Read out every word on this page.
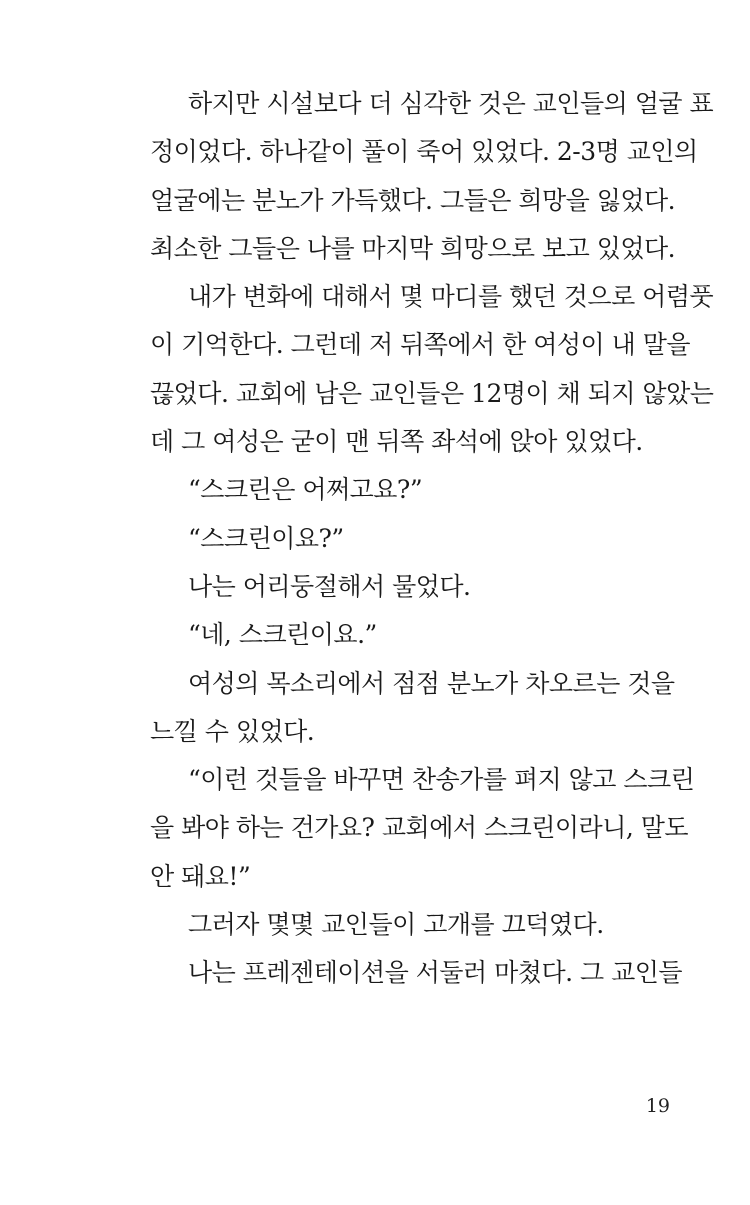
하지만 시설보다 더 심각한 것은 교인들의 얼굴 표
정이었다. 하나같이 풀이 죽어 있었다. 2-3명 교인의
얼굴에는 분노가 가득했다. 그들은 희망을 잃었다.
최소한 그들은 나를 마지막 희망으로 보고 있었다.
내가 변화에 대해서 몇 마디를 했던 것으로 어렴풋
이 기억한다. 그런데 저 뒤쪽에서 한 여성이 내 말을
끊었다. 교회에 남은 교인들은 12명이 채 되지 않았는
데 그 여성은 굳이 맨 뒤쪽 좌석에 앉아 있었다.
“스크린은 어쩌고요?”
“스크린이요?”
나는 어리둥절해서 물었다.
“네, 스크린이요.”
여성의 목소리에서 점점 분노가 차오르는 것을
느낄 수 있었다.
“이런 것들을 바꾸면 찬송가를 펴지 않고 스크린
을 봐야 하는 건가요? 교회에서 스크린이라니, 말도
안 돼요!”
그러자 몇몇 교인들이 고개를 끄덕였다.
나는 프레젠테이션을 서둘러 마쳤다. 그 교인들
19
